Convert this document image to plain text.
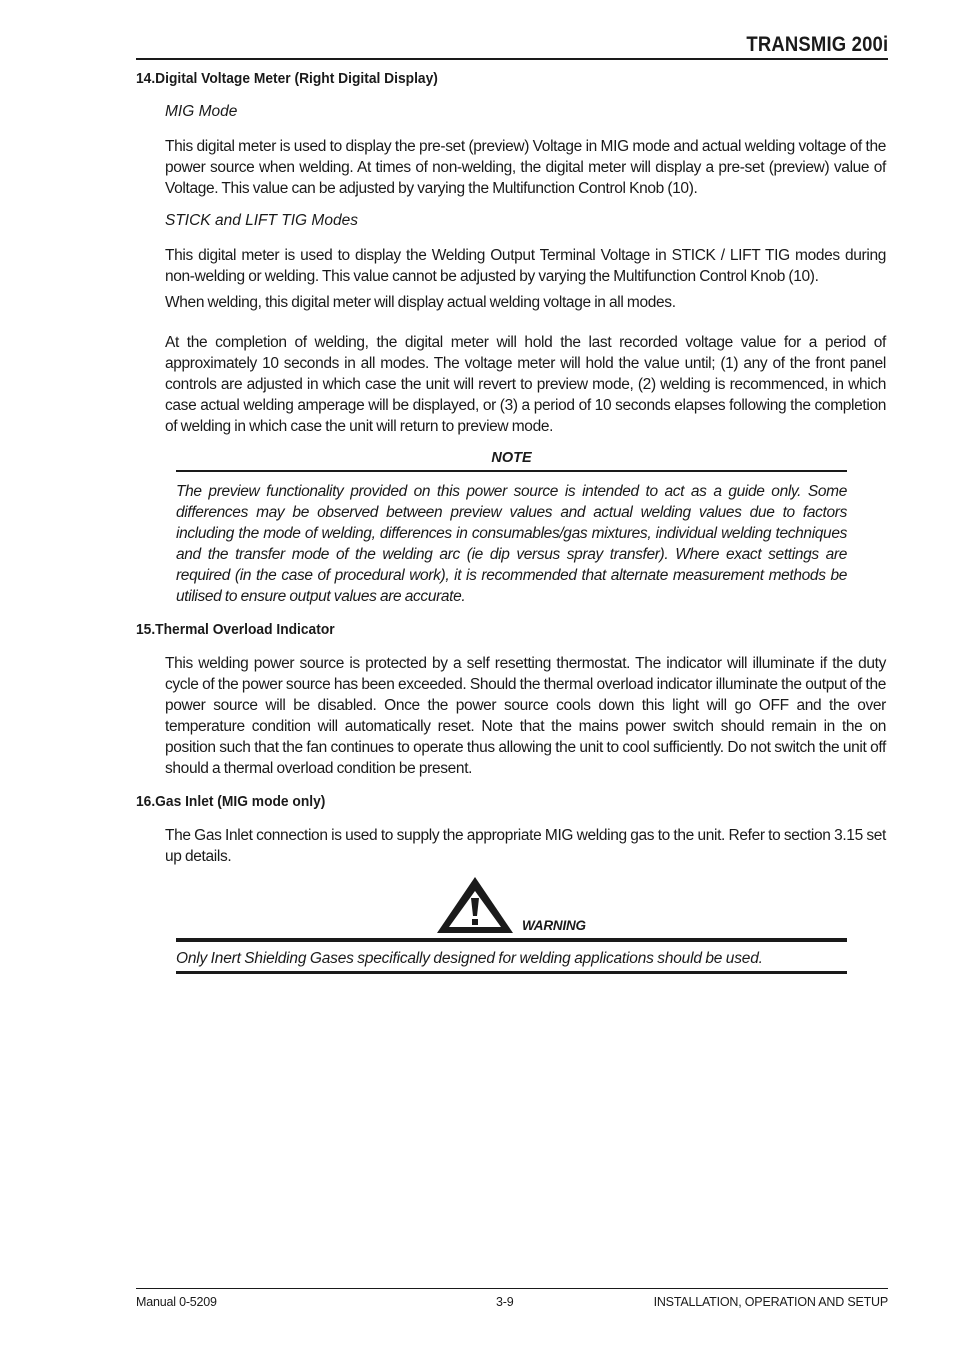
TRANSMIG 200i
14.Digital Voltage Meter (Right Digital Display)
MIG Mode

This digital meter is used to display the pre-set (preview) Voltage in MIG mode and actual welding voltage of the power source when welding. At times of non-welding, the digital meter will display a pre-set (preview) value of Voltage. This value can be adjusted by varying the Multifunction Control Knob (10).

STICK and LIFT TIG Modes

This digital meter is used to display the Welding Output Terminal Voltage in STICK / LIFT TIG modes during non-welding or welding. This value cannot be adjusted by varying the Multifunction Control Knob (10).

When welding, this digital meter will display actual welding voltage in all modes.

At the completion of welding, the digital meter will hold the last recorded voltage value for a period of approximately 10 seconds in all modes. The voltage meter will hold the value until; (1) any of the front panel controls are adjusted in which case the unit will revert to preview mode, (2) welding is recommenced, in which case actual welding amperage will be displayed, or (3) a period of 10 seconds elapses following the completion of welding in which case the unit will return to preview mode.

NOTE

The preview functionality provided on this power source is intended to act as a guide only. Some differences may be observed between preview values and actual welding values due to factors including the mode of welding, differences in consumables/gas mixtures, individual welding techniques and the transfer mode of the welding arc (ie dip versus spray transfer). Where exact settings are required (in the case of procedural work), it is recommended that alternate measurement methods be utilised to ensure output values are accurate.

15.Thermal Overload Indicator

This welding power source is protected by a self resetting thermostat. The indicator will illuminate if the duty cycle of the power source has been exceeded. Should the thermal overload indicator illuminate the output of the power source will be disabled. Once the power source cools down this light will go OFF and the over temperature condition will automatically reset. Note that the mains power switch should remain in the on position such that the fan continues to operate thus allowing the unit to cool sufficiently. Do not switch the unit off should a thermal overload condition be present.

16.Gas Inlet (MIG mode only)

The Gas Inlet connection is used to supply the appropriate MIG welding gas to the unit. Refer to section 3.15 set up details.

WARNING

Only Inert Shielding Gases specifically designed for welding applications should be used.

Manual 0-5209	3-9	INSTALLATION, OPERATION AND SETUP
